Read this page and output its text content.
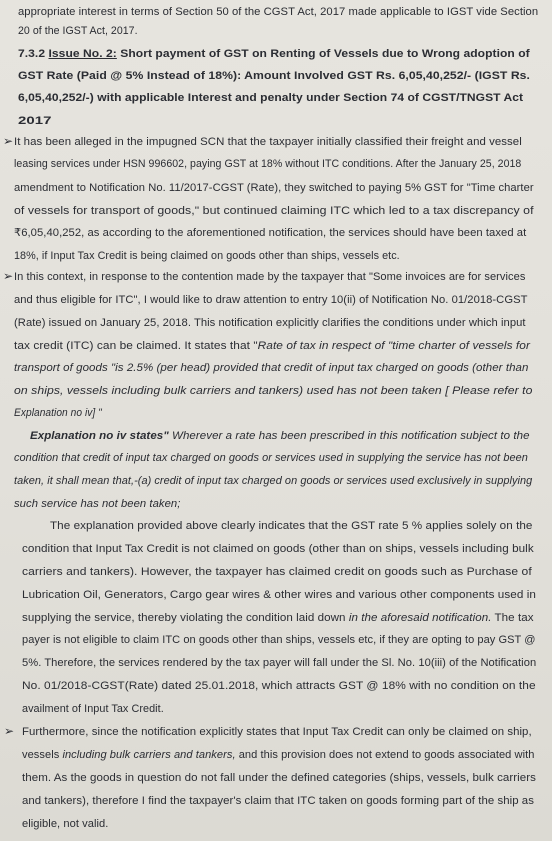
appropriate interest in terms of Section 50 of the CGST Act, 2017 made applicable to IGST vide Section
20 of the IGST Act, 2017.
7.3.2 Issue No. 2: Short payment of GST on Renting of Vessels due to Wrong adoption of
GST Rate (Paid @ 5% Instead of 18%): Amount Involved GST Rs. 6,05,40,252/- (IGST Rs.
6,05,40,252/-) with applicable Interest and penalty under Section 74 of CGST/TNGST Act
2017
It has been alleged in the impugned SCN that the taxpayer initially classified their freight and vessel
leasing services under HSN 996602, paying GST at 18% without ITC conditions. After the January 25, 2018
amendment to Notification No. 11/2017-CGST (Rate), they switched to paying 5% GST for "Time charter
of vessels for transport of goods," but continued claiming ITC which led to a tax discrepancy of
₹6,05,40,252, as according to the aforementioned notification, the services should have been taxed at
18%, if Input Tax Credit is being claimed on goods other than ships, vessels etc.
In this context, in response to the contention made by the taxpayer that "Some invoices are for services
and thus eligible for ITC", I would like to draw attention to entry 10(ii) of Notification No. 01/2018-CGST
(Rate) issued on January 25, 2018. This notification explicitly clarifies the conditions under which input
tax credit (ITC) can be claimed. It states that "Rate of tax in respect of "time charter of vessels for
transport of goods "is 2.5% (per head) provided that credit of input tax charged on goods (other than
on ships, vessels including bulk carriers and tankers) used has not been taken [ Please refer to
Explanation no iv] "
Explanation no iv states" Wherever a rate has been prescribed in this notification subject to the
condition that credit of input tax charged on goods or services used in supplying the service has not been
taken, it shall mean that,-(a) credit of input tax charged on goods or services used exclusively in supplying
such service has not been taken;
The explanation provided above clearly indicates that the GST rate 5 % applies solely on the
condition that Input Tax Credit is not claimed on goods (other than on ships, vessels including bulk
carriers and tankers). However, the taxpayer has claimed credit on goods such as Purchase of
Lubrication Oil, Generators, Cargo gear wires & other wires and various other components used in
supplying the service, thereby violating the condition laid down in the aforesaid notification. The tax
payer is not eligible to claim ITC on goods other than ships, vessels etc, if they are opting to pay GST @
5%. Therefore, the services rendered by the tax payer will fall under the Sl. No. 10(iii) of the Notification
No. 01/2018-CGST(Rate) dated 25.01.2018, which attracts GST @ 18% with no condition on the
availment of Input Tax Credit.
Furthermore, since the notification explicitly states that Input Tax Credit can only be claimed on ship,
vessels including bulk carriers and tankers, and this provision does not extend to goods associated with
them. As the goods in question do not fall under the defined categories (ships, vessels, bulk carriers
and tankers), therefore I find the taxpayer's claim that ITC taken on goods forming part of the ship as
eligible, not valid.
➢
➢
➢
